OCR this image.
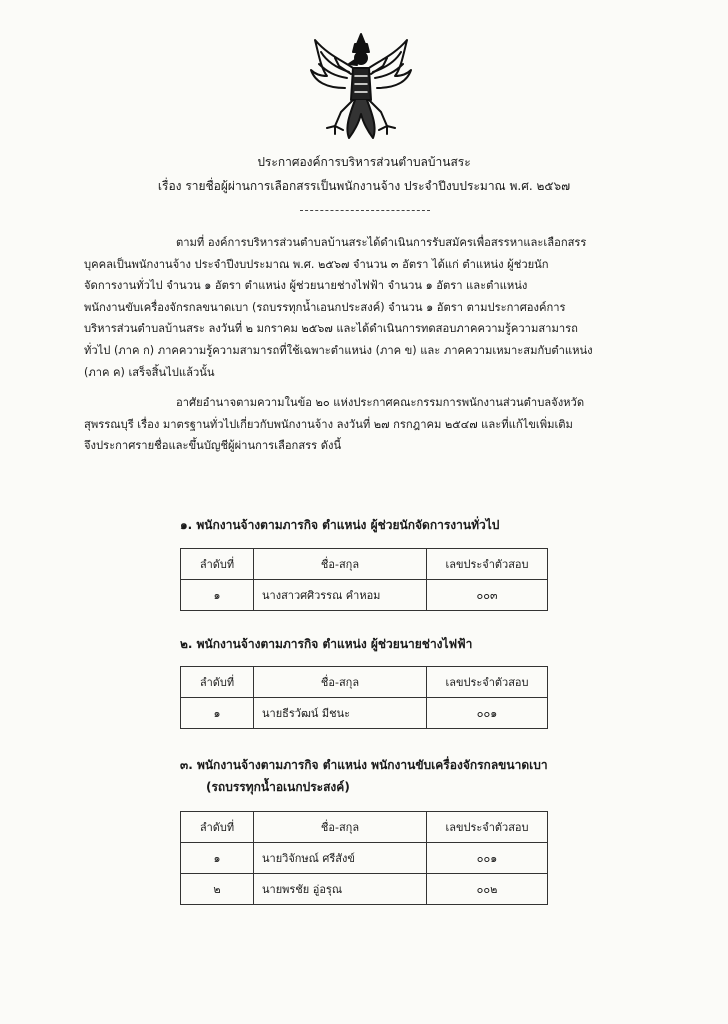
ประกาศองค์การบริหารส่วนตำบลบ้านสระ
เรื่อง รายชื่อผู้ผ่านการเลือกสรรเป็นพนักงานจ้าง ประจำปีงบประมาณ พ.ศ. ๒๕๖๗
ตามที่ องค์การบริหารส่วนตำบลบ้านสระได้ดำเนินการรับสมัครเพื่อสรรหาและเลือกสรร
บุคคลเป็นพนักงานจ้าง ประจำปีงบประมาณ พ.ศ. ๒๕๖๗ จำนวน ๓ อัตรา ได้แก่ ตำแหน่ง ผู้ช่วยนัก
จัดการงานทั่วไป จำนวน ๑ อัตรา ตำแหน่ง ผู้ช่วยนายช่างไฟฟ้า จำนวน ๑ อัตรา และตำแหน่ง
พนักงานขับเครื่องจักรกลขนาดเบา (รถบรรทุกน้ำเอนกประสงค์) จำนวน ๑ อัตรา ตามประกาศองค์การ
บริหารส่วนตำบลบ้านสระ ลงวันที่ ๒ มกราคม ๒๕๖๗ และได้ดำเนินการทดสอบภาคความรู้ความสามารถ
ทั่วไป (ภาค ก) ภาคความรู้ความสามารถที่ใช้เฉพาะตำแหน่ง (ภาค ข) และ ภาคความเหมาะสมกับตำแหน่ง
(ภาค ค) เสร็จสิ้นไปแล้วนั้น
อาศัยอำนาจตามความในข้อ ๒๐ แห่งประกาศคณะกรรมการพนักงานส่วนตำบลจังหวัด
สุพรรณบุรี เรื่อง มาตรฐานทั่วไปเกี่ยวกับพนักงานจ้าง ลงวันที่ ๒๗ กรกฎาคม ๒๕๔๗ และที่แก้ไขเพิ่มเติม
จึงประกาศรายชื่อและขึ้นบัญชีผู้ผ่านการเลือกสรร ดังนี้
๑. พนักงานจ้างตามภารกิจ ตำแหน่ง ผู้ช่วยนักจัดการงานทั่วไป
ลำดับที่	ชื่อ-สกุล	เลขประจำตัวสอบ
๑	นางสาวศศิวรรณ คำหอม	๐๐๓
๒. พนักงานจ้างตามภารกิจ ตำแหน่ง ผู้ช่วยนายช่างไฟฟ้า
ลำดับที่	ชื่อ-สกุล	เลขประจำตัวสอบ
๑	นายธีรวัฒน์ มีชนะ	๐๐๑
๓. พนักงานจ้างตามภารกิจ ตำแหน่ง พนักงานขับเครื่องจักรกลขนาดเบา
(รถบรรทุกน้ำอเนกประสงค์)
ลำดับที่	ชื่อ-สกุล	เลขประจำตัวสอบ
๑	นายวิจักษณ์ ศรีสังข์	๐๐๑
๒	นายพรชัย อู่อรุณ	๐๐๒
